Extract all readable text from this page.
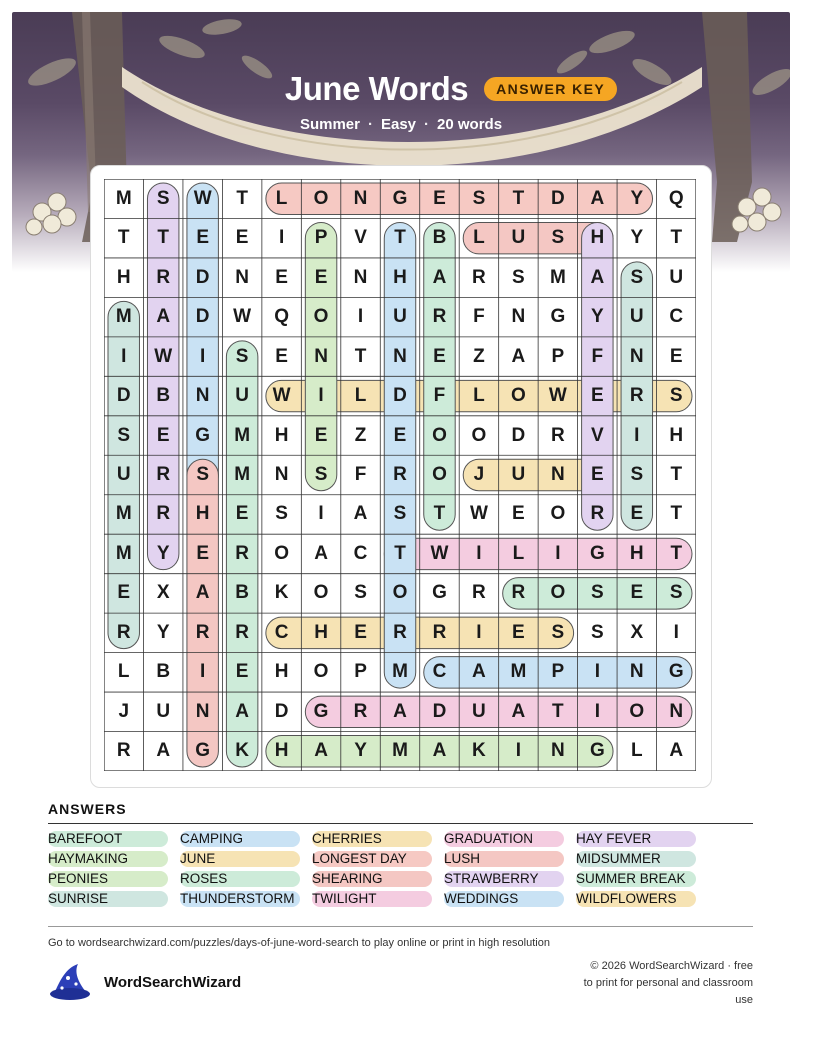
June Words	ANSWER KEY
Summer · Easy · 20 words
M	S	W	T	L	O	N	G	E	S	T	D	A	Y	Q
T	T	E	E	I	P	V	T	B	L	U	S	H	Y	T
H	R	D	N	E	E	N	H	A	R	S	M	A	S	U
M	A	D	W	Q	O	I	U	R	F	N	G	Y	U	C
I	W	I	S	E	N	T	N	E	Z	A	P	F	N	E
D	B	N	U	W	I	L	D	F	L	O	W	E	R	S
S	E	G	M	H	E	Z	E	O	O	D	R	V	I	H
U	R	S	M	N	S	F	R	O	J	U	N	E	S	T
M	R	H	E	S	I	A	S	T	W	E	O	R	E	T
M	Y	E	R	O	A	C	T	W	I	L	I	G	H	T
E	X	A	B	K	O	S	O	G	R	R	O	S	E	S
R	Y	R	R	C	H	E	R	R	I	E	S	S	X	I
L	B	I	E	H	O	P	M	C	A	M	P	I	N	G
J	U	N	A	D	G	R	A	D	U	A	T	I	O	N
R	A	G	K	H	A	Y	M	A	K	I	N	G	L	A
ANSWERS
BAREFOOT	CAMPING	CHERRIES	GRADUATION	HAY FEVER
HAYMAKING	JUNE	LONGEST DAY	LUSH	MIDSUMMER
PEONIES	ROSES	SHEARING	STRAWBERRY	SUMMER BREAK
SUNRISE	THUNDERSTORM	TWILIGHT	WEDDINGS	WILDFLOWERS
Go to wordsearchwizard.com/puzzles/days-of-june-word-search to play online or print in high resolution
WordSearchWizard
© 2026 WordSearchWizard · free to print for personal and classroom use
